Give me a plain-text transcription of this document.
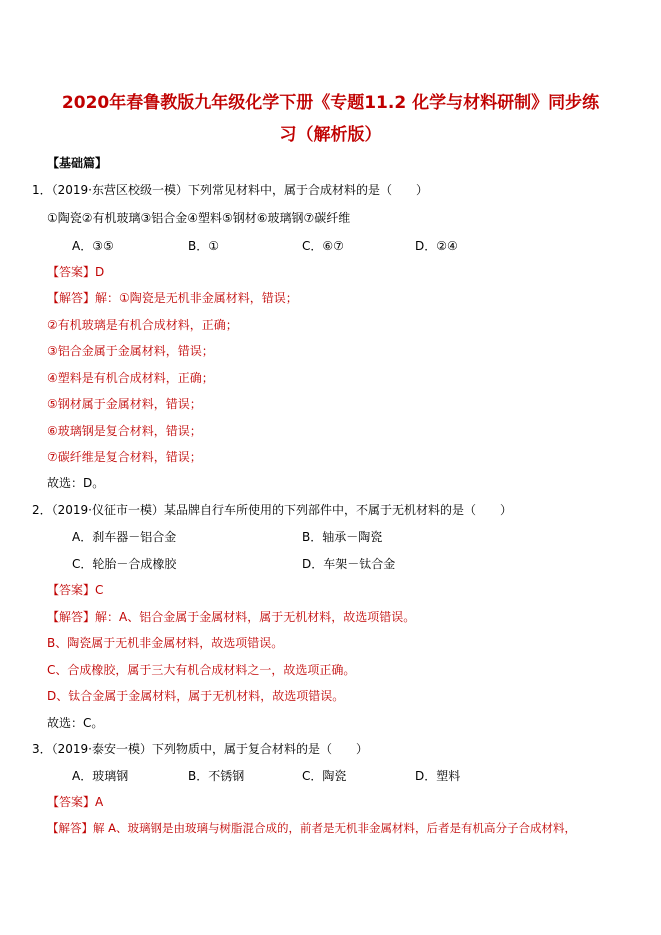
2020年春鲁教版九年级化学下册《专题11.2 化学与材料研制》同步练
习（解析版）
【基础篇】
1．（2019·东营区校级一模）下列常见材料中，属于合成材料的是（　　）
①陶瓷②有机玻璃③铝合金④塑料⑤钢材⑥玻璃钢⑦碳纤维
A．③⑤	B．①	C．⑥⑦	D．②④
【答案】D
【解答】解：①陶瓷是无机非金属材料，错误；
②有机玻璃是有机合成材料，正确；
③铝合金属于金属材料，错误；
④塑料是有机合成材料，正确；
⑤钢材属于金属材料，错误；
⑥玻璃钢是复合材料，错误；
⑦碳纤维是复合材料，错误；
故选：D。
2．（2019·仪征市一模）某品牌自行车所使用的下列部件中，不属于无机材料的是（　　）
A．刹车器－铝合金	B．轴承－陶瓷
C．轮胎－合成橡胶	D．车架－钛合金
【答案】C
【解答】解：A、铝合金属于金属材料，属于无机材料，故选项错误。
B、陶瓷属于无机非金属材料，故选项错误。
C、合成橡胶，属于三大有机合成材料之一，故选项正确。
D、钛合金属于金属材料，属于无机材料，故选项错误。
故选：C。
3．（2019·泰安一模）下列物质中，属于复合材料的是（　　）
A．玻璃钢	B．不锈钢	C．陶瓷	D．塑料
【答案】A
【解答】解 A、玻璃钢是由玻璃与树脂混合成的，前者是无机非金属材料，后者是有机高分子合成材料，
